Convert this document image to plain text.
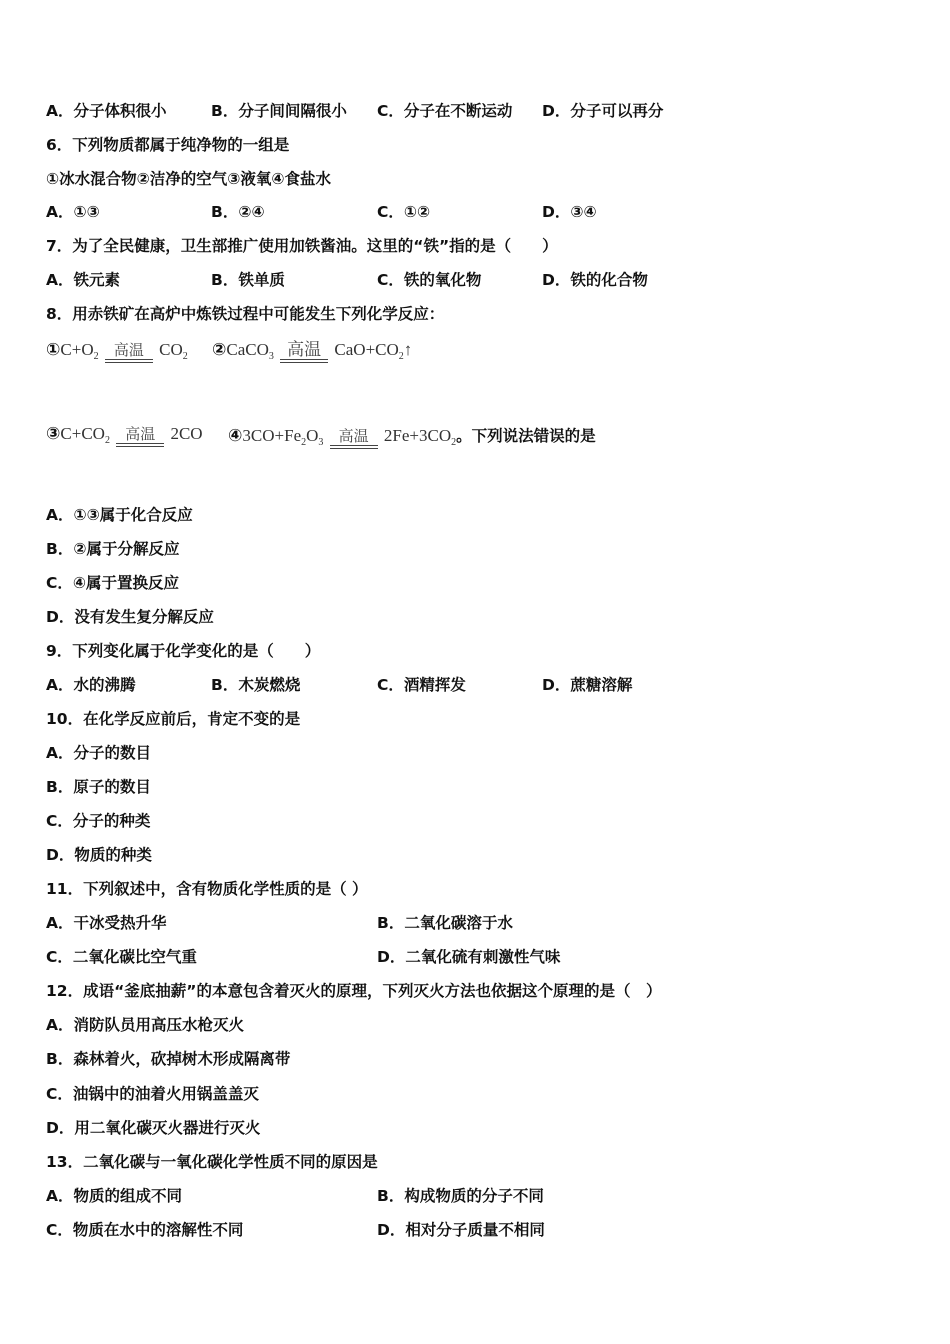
A．分子体积很小	B．分子间间隔很小 C．分子在不断运动 D．分子可以再分
6．下列物质都属于纯净物的一组是
①冰水混合物②洁净的空气③液氧④食盐水
A．①③	B．②④	C．①②	D．③④
7．为了全民健康，卫生部推广使用加铁酱油。这里的“铁”指的是（　　）
A．铁元素	B．铁单质	C．铁的氧化物	D．铁的化合物
8．用赤铁矿在高炉中炼铁过程中可能发生下列化学反应：
$①C+O_2$	高温 $CO_2$ ②CaCO$_3$ 高温 $CaO+CO_2↑$
$③C+CO_2$	高温 2CO $④3CO+Fe_2O_3$	高温 $2Fe+3CO_2$。下列说法错误的是
A．①③属于化合反应
B．②属于分解反应
C．④属于置换反应
D．没有发生复分解反应
9．下列变化属于化学变化的是（　　）
A．水的沸腾	B．木炭燃烧	C．酒精挥发	D．蔗糖溶解
10．在化学反应前后，肯定不变的是
A．分子的数目
B．原子的数目
C．分子的种类
D．物质的种类
11．下列叙述中，含有物质化学性质的是（ ）
A．干冰受热升华	B．二氧化碳溶于水
C．二氧化碳比空气重	D．二氧化硫有刺激性气味
12．成语“釜底抽薪”的本意包含着灭火的原理，下列灭火方法也依据这个原理的是（　）
A．消防队员用高压水枪灭火
B．森林着火，砍掉树木形成隔离带
C．油锅中的油着火用锅盖盖灭
D．用二氧化碳灭火器进行灭火
13．二氧化碳与一氧化碳化学性质不同的原因是
A．物质的组成不同	B．构成物质的分子不同
C．物质在水中的溶解性不同	D．相对分子质量不相同
